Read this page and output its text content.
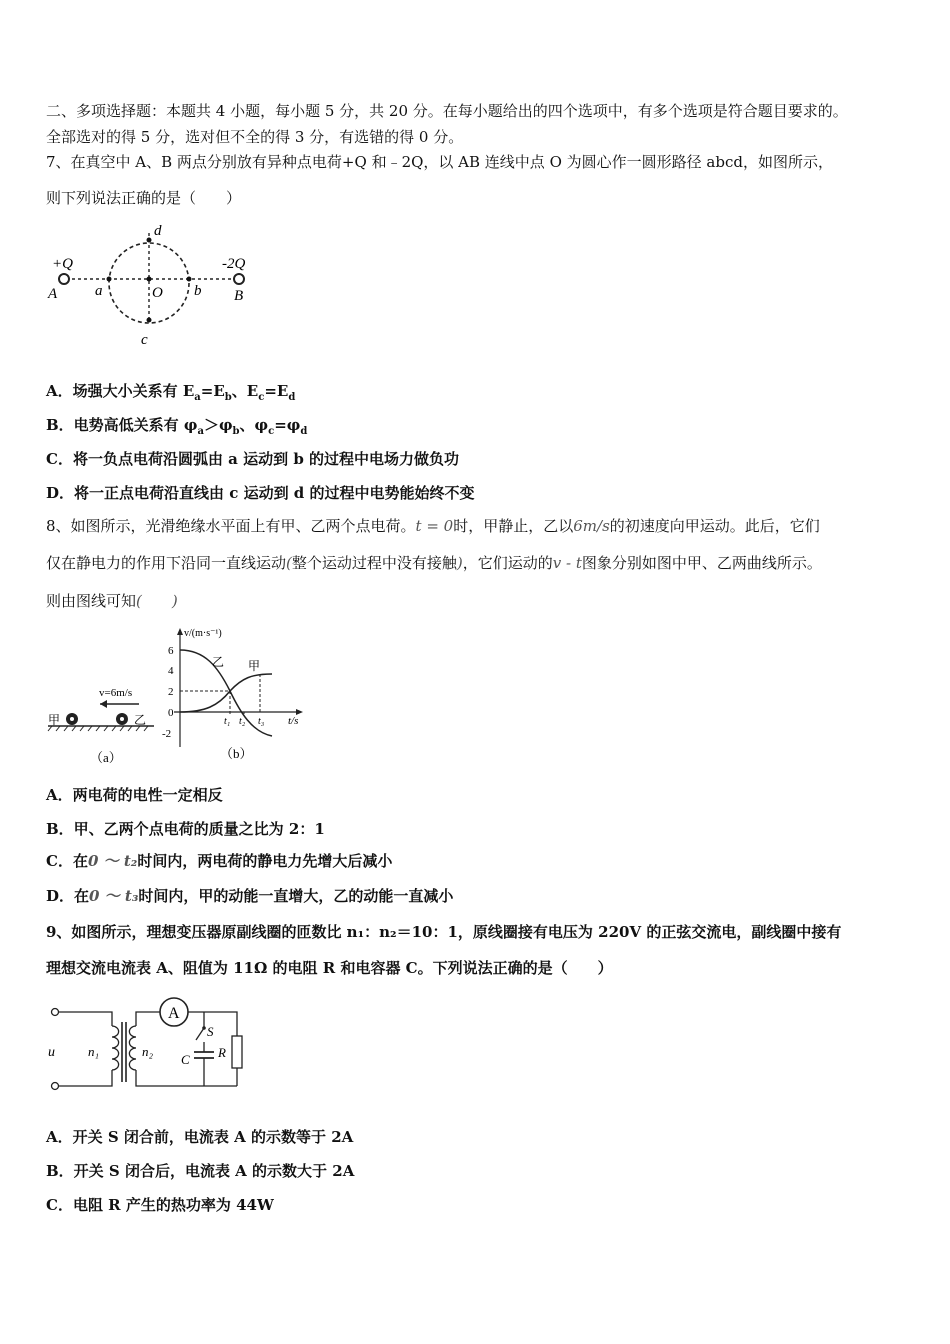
二、多项选择题：本题共 4 小题，每小题 5 分，共 20 分。在每小题给出的四个选项中，有多个选项是符合题目要求的。
全部选对的得 5 分，选对但不全的得 3 分，有选错的得 0 分。
7、在真空中 A、B 两点分别放有异种点电荷+Q 和﹣2Q，以 AB 连线中点 O 为圆心作一圆形路径 abcd，如图所示，
则下列说法正确的是（　　）
+Q
A
-2Q
B
a	b
O
d
c
A．场强大小关系有 $E_a=E_b$、$E_c=E_d$
B．电势高低关系有 $\varphi_a>\varphi_b$、$\varphi_c=\varphi_d$
C．将一负点电荷沿圆弧由 a 运动到 b 的过程中电场力做负功
D．将一正点电荷沿直线由 c 运动到 d 的过程中电势能始终不变
8、如图所示，光滑绝缘水平面上有甲、乙两个点电荷。t = 0时，甲静止，乙以6m/s的初速度向甲运动。此后，它们
仅在静电力的作用下沿同一直线运动(整个运动过程中没有接触)，它们运动的v - t图象分别如图中甲、乙两曲线所示。
则由图线可知(　　)
v=6m/s
甲	乙
（a）
v/(m·s⁻¹)
6
4
2
0
-2
乙 甲
t₁ t₂ t₃ t/s
（b）
A．两电荷的电性一定相反
B．甲、乙两个点电荷的质量之比为 2：1
C．在0 ～ t₂时间内，两电荷的静电力先增大后减小
D．在0 ～ t₃时间内，甲的动能一直增大，乙的动能一直减小
9、如图所示，理想变压器原副线圈的匝数比 n₁：n₂＝10：1，原线圈接有电压为 220V 的正弦交流电，副线圈中接有
理想交流电流表 A、阻值为 11Ω 的电阻 R 和电容器 C。下列说法正确的是（　　）
u	n₁	n₂
A
S
C R
A．开关 S 闭合前，电流表 A 的示数等于 2A
B．开关 S 闭合后，电流表 A 的示数大于 2A
C．电阻 R 产生的热功率为 44W
